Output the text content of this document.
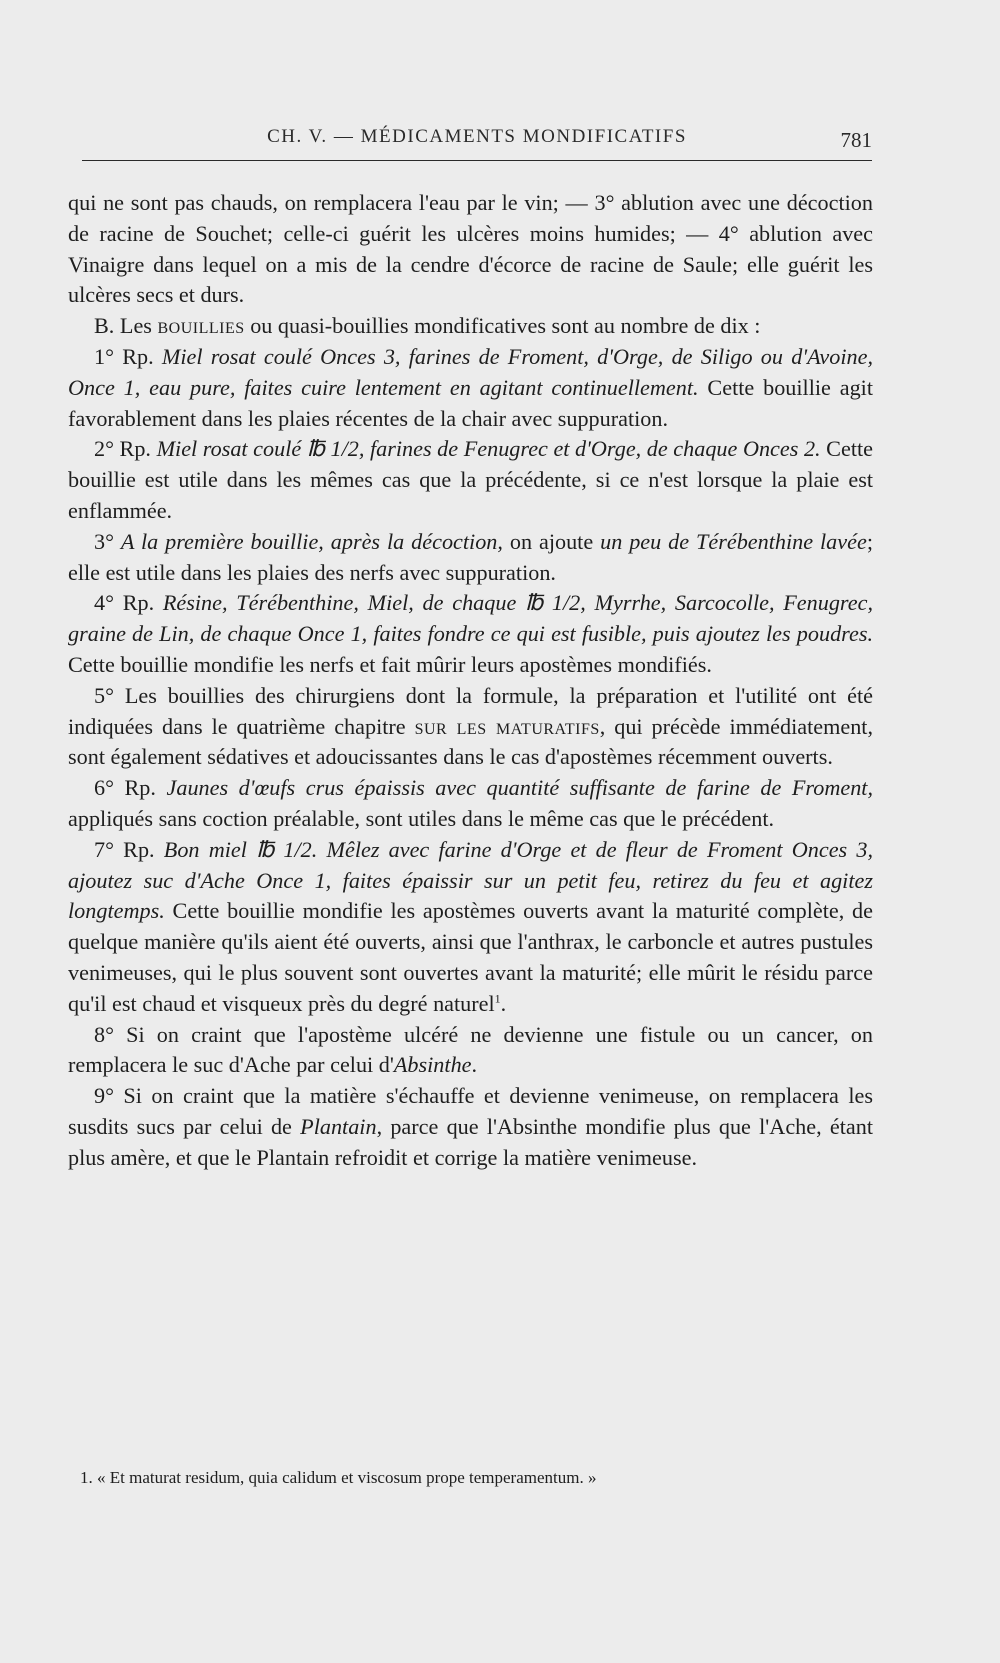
CH. V. — MÉDICAMENTS MONDIFICATIFS	781

qui ne sont pas chauds, on remplacera l'eau par le vin; — 3° ablution avec une décoction de racine de Souchet; celle-ci guérit les ulcères moins humides; — 4° ablution avec Vinaigre dans lequel on a mis de la cendre d'écorce de racine de Saule; elle guérit les ulcères secs et durs.

B. Les bouillies ou quasi-bouillies mondificatives sont au nombre de dix :

1° Rp. Miel rosat coulé Onces 3, farines de Froment, d'Orge, de Siligo ou d'Avoine, Once 1, eau pure, faites cuire lentement en agitant continuellement. Cette bouillie agit favorablement dans les plaies récentes de la chair avec suppuration.

2° Rp. Miel rosat coulé ℔ 1/2, farines de Fenugrec et d'Orge, de chaque Onces 2. Cette bouillie est utile dans les mêmes cas que la précédente, si ce n'est lorsque la plaie est enflammée.

3° A la première bouillie, après la décoction, on ajoute un peu de Térébenthine lavée; elle est utile dans les plaies des nerfs avec suppuration.

4° Rp. Résine, Térébenthine, Miel, de chaque ℔ 1/2, Myrrhe, Sarcocolle, Fenugrec, graine de Lin, de chaque Once 1, faites fondre ce qui est fusible, puis ajoutez les poudres. Cette bouillie mondifie les nerfs et fait mûrir leurs apostèmes mondifiés.

5° Les bouillies des chirurgiens dont la formule, la préparation et l'utilité ont été indiquées dans le quatrième chapitre sur les maturatifs, qui précède immédiatement, sont également sédatives et adoucissantes dans le cas d'apostèmes récemment ouverts.

6° Rp. Jaunes d'œufs crus épaissis avec quantité suffisante de farine de Froment, appliqués sans coction préalable, sont utiles dans le même cas que le précédent.

7° Rp. Bon miel ℔ 1/2. Mêlez avec farine d'Orge et de fleur de Froment Onces 3, ajoutez suc d'Ache Once 1, faites épaissir sur un petit feu, retirez du feu et agitez longtemps. Cette bouillie mondifie les apostèmes ouverts avant la maturité complète, de quelque manière qu'ils aient été ouverts, ainsi que l'anthrax, le carboncle et autres pustules venimeuses, qui le plus souvent sont ouvertes avant la maturité; elle mûrit le résidu parce qu'il est chaud et visqueux près du degré naturel$^1$.

8° Si on craint que l'apostème ulcéré ne devienne une fistule ou un cancer, on remplacera le suc d'Ache par celui d'Absinthe.

9° Si on craint que la matière s'échauffe et devienne venimeuse, on remplacera les susdits sucs par celui de Plantain, parce que l'Absinthe mondifie plus que l'Ache, étant plus amère, et que le Plantain refroidit et corrige la matière venimeuse.

1. « Et maturat residum, quia calidum et viscosum prope temperamentum. »
